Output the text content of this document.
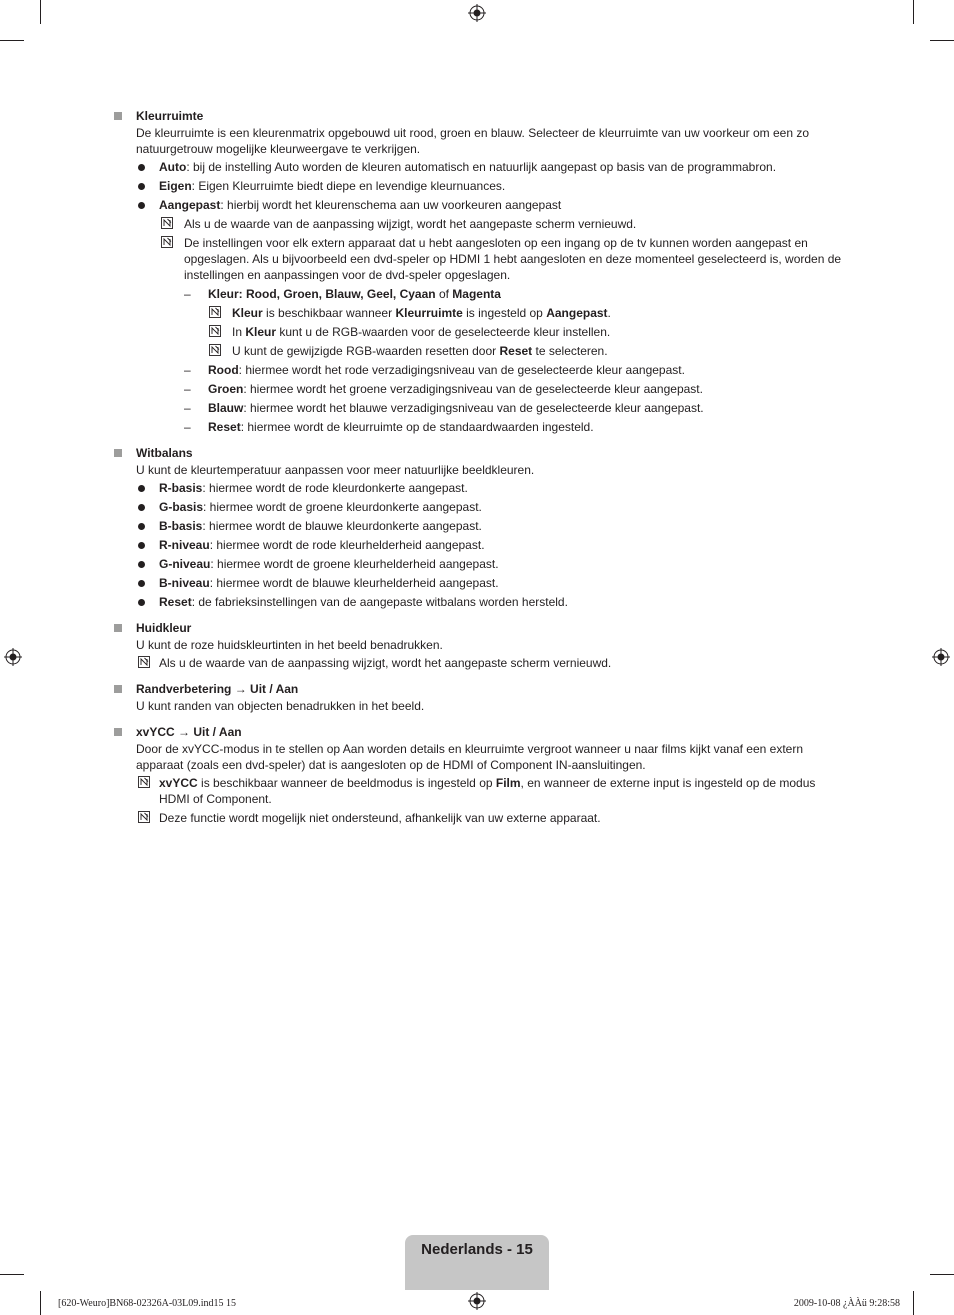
Kleurruimte
De kleurruimte is een kleurenmatrix opgebouwd uit rood, groen en blauw. Selecteer de kleurruimte van uw voorkeur om een zo natuurgetrouw mogelijke kleurweergave te verkrijgen.
Auto: bij de instelling Auto worden de kleuren automatisch en natuurlijk aangepast op basis van de programmabron.
Eigen: Eigen Kleurruimte biedt diepe en levendige kleurnuances.
Aangepast: hierbij wordt het kleurenschema aan uw voorkeuren aangepast
Als u de waarde van de aanpassing wijzigt, wordt het aangepaste scherm vernieuwd.
De instellingen voor elk extern apparaat dat u hebt aangesloten op een ingang op de tv kunnen worden aangepast en opgeslagen. Als u bijvoorbeeld een dvd-speler op HDMI 1 hebt aangesloten en deze momenteel geselecteerd is, worden de instellingen en aanpassingen voor de dvd-speler opgeslagen.
– Kleur: Rood, Groen, Blauw, Geel, Cyaan of Magenta
Kleur is beschikbaar wanneer Kleurruimte is ingesteld op Aangepast.
In Kleur kunt u de RGB-waarden voor de geselecteerde kleur instellen.
U kunt de gewijzigde RGB-waarden resetten door Reset te selecteren.
– Rood: hiermee wordt het rode verzadigingsniveau van de geselecteerde kleur aangepast.
– Groen: hiermee wordt het groene verzadigingsniveau van de geselecteerde kleur aangepast.
– Blauw: hiermee wordt het blauwe verzadigingsniveau van de geselecteerde kleur aangepast.
– Reset: hiermee wordt de kleurruimte op de standaardwaarden ingesteld.
Witbalans
U kunt de kleurtemperatuur aanpassen voor meer natuurlijke beeldkleuren.
R-basis: hiermee wordt de rode kleurdonkerte aangepast.
G-basis: hiermee wordt de groene kleurdonkerte aangepast.
B-basis: hiermee wordt de blauwe kleurdonkerte aangepast.
R-niveau: hiermee wordt de rode kleurhelderheid aangepast.
G-niveau: hiermee wordt de groene kleurhelderheid aangepast.
B-niveau: hiermee wordt de blauwe kleurhelderheid aangepast.
Reset: de fabrieksinstellingen van de aangepaste witbalans worden hersteld.
Huidkleur
U kunt de roze huidskleurtinten in het beeld benadrukken.
Als u de waarde van de aanpassing wijzigt, wordt het aangepaste scherm vernieuwd.
Randverbetering → Uit / Aan
U kunt randen van objecten benadrukken in het beeld.
xvYCC → Uit / Aan
Door de xvYCC-modus in te stellen op Aan worden details en kleurruimte vergroot wanneer u naar films kijkt vanaf een extern apparaat (zoals een dvd-speler) dat is aangesloten op de HDMI of Component IN-aansluitingen.
xvYCC is beschikbaar wanneer de beeldmodus is ingesteld op Film, en wanneer de externe input is ingesteld op de modus HDMI of Component.
Deze functie wordt mogelijk niet ondersteund, afhankelijk van uw externe apparaat.
Nederlands - 15
[620-Weuro]BN68-02326A-03L09.ind15 15	2009-10-08 ¿ÀÀü 9:28:58
